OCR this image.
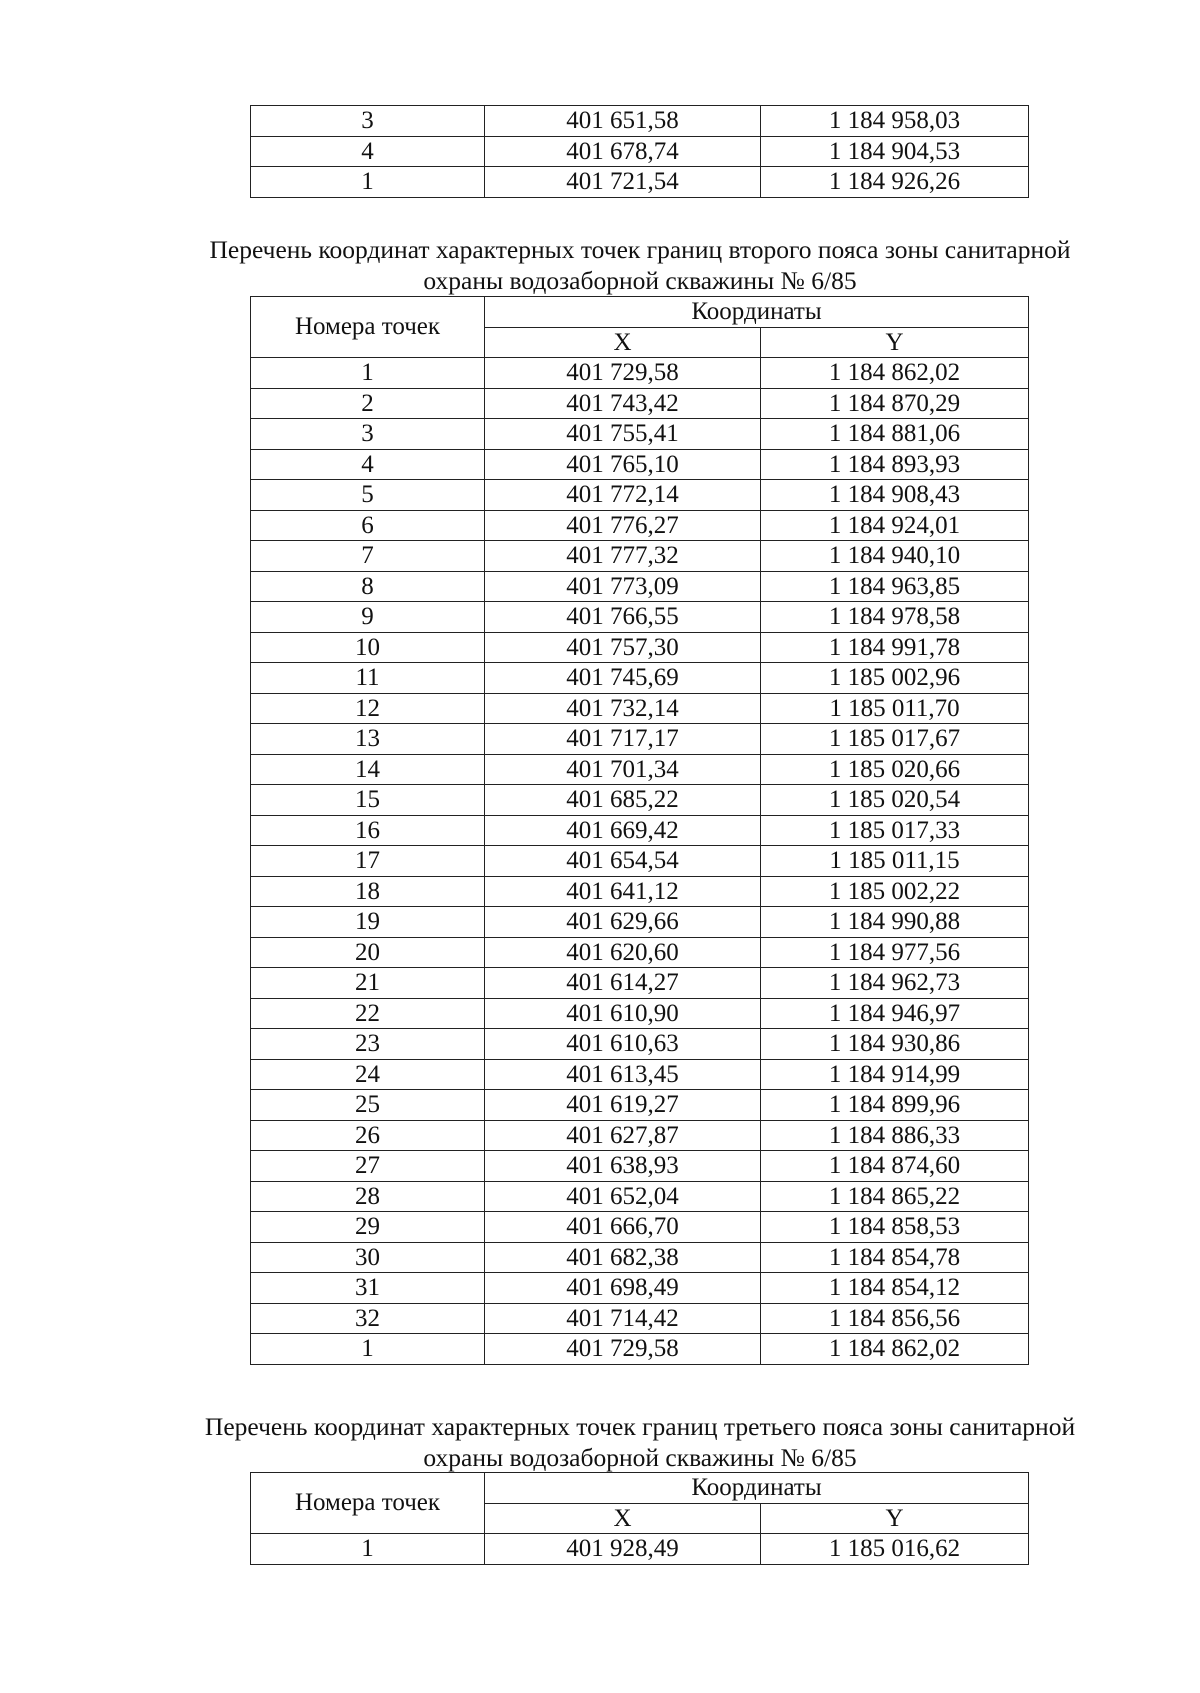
3	401 651,58	1 184 958,03
4	401 678,74	1 184 904,53
1	401 721,54	1 184 926,26
Перечень координат характерных точек границ второго пояса зоны санитарной
охраны водозаборной скважины № 6/85
Номера точек	Координаты	
	X	Y
1	401 729,58	1 184 862,02
2	401 743,42	1 184 870,29
3	401 755,41	1 184 881,06
4	401 765,10	1 184 893,93
5	401 772,14	1 184 908,43
6	401 776,27	1 184 924,01
7	401 777,32	1 184 940,10
8	401 773,09	1 184 963,85
9	401 766,55	1 184 978,58
10	401 757,30	1 184 991,78
11	401 745,69	1 185 002,96
12	401 732,14	1 185 011,70
13	401 717,17	1 185 017,67
14	401 701,34	1 185 020,66
15	401 685,22	1 185 020,54
16	401 669,42	1 185 017,33
17	401 654,54	1 185 011,15
18	401 641,12	1 185 002,22
19	401 629,66	1 184 990,88
20	401 620,60	1 184 977,56
21	401 614,27	1 184 962,73
22	401 610,90	1 184 946,97
23	401 610,63	1 184 930,86
24	401 613,45	1 184 914,99
25	401 619,27	1 184 899,96
26	401 627,87	1 184 886,33
27	401 638,93	1 184 874,60
28	401 652,04	1 184 865,22
29	401 666,70	1 184 858,53
30	401 682,38	1 184 854,78
31	401 698,49	1 184 854,12
32	401 714,42	1 184 856,56
1	401 729,58	1 184 862,02
Перечень координат характерных точек границ третьего пояса зоны санитарной
охраны водозаборной скважины № 6/85
Номера точек	Координаты	
	X	Y
1	401 928,49	1 185 016,62
